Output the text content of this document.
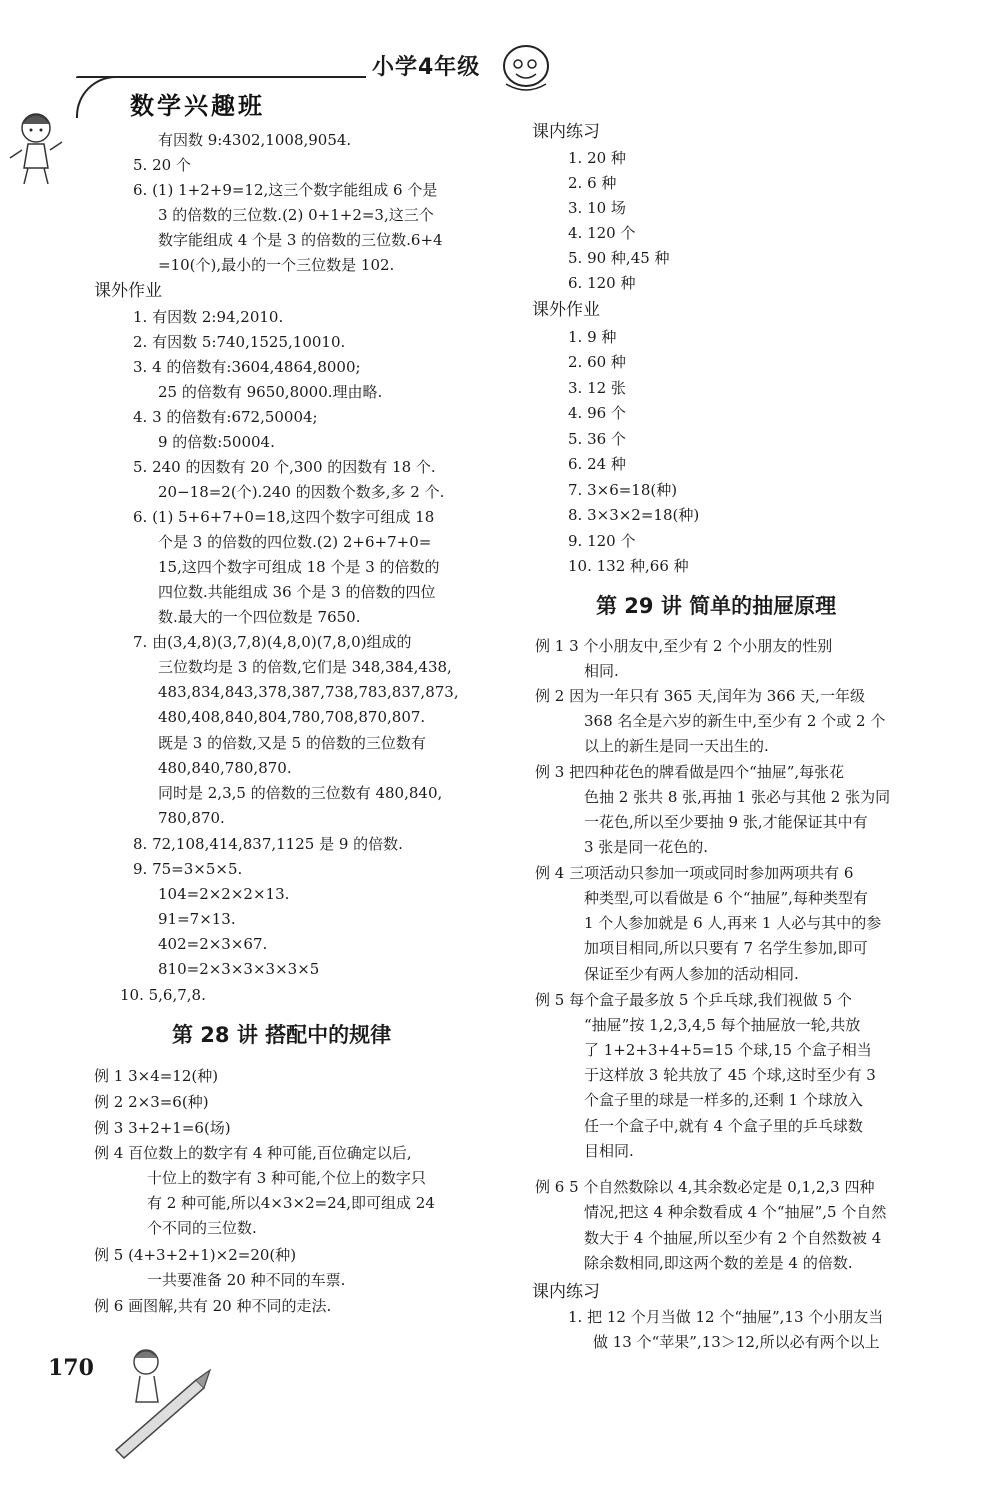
小学4年级
数学兴趣班
有因数 9:4302,1008,9054.
5. 20 个
6. (1) 1+2+9=12,这三个数字能组成 6 个是
3 的倍数的三位数.(2) 0+1+2=3,这三个
数字能组成 4 个是 3 的倍数的三位数.6+4
=10(个),最小的一个三位数是 102.
课外作业
1. 有因数 2:94,2010.
2. 有因数 5:740,1525,10010.
3. 4 的倍数有:3604,4864,8000;
25 的倍数有 9650,8000.理由略.
4. 3 的倍数有:672,50004;
9 的倍数:50004.
5. 240 的因数有 20 个,300 的因数有 18 个.
20−18=2(个).240 的因数个数多,多 2 个.
6. (1) 5+6+7+0=18,这四个数字可组成 18
个是 3 的倍数的四位数.(2) 2+6+7+0=
15,这四个数字可组成 18 个是 3 的倍数的
四位数.共能组成 36 个是 3 的倍数的四位
数.最大的一个四位数是 7650.
7. 由(3,4,8)(3,7,8)(4,8,0)(7,8,0)组成的
三位数均是 3 的倍数,它们是 348,384,438,
483,834,843,378,387,738,783,837,873,
480,408,840,804,780,708,870,807.
既是 3 的倍数,又是 5 的倍数的三位数有
480,840,780,870.
同时是 2,3,5 的倍数的三位数有 480,840,
780,870.
8. 72,108,414,837,1125 是 9 的倍数.
9. 75=3×5×5.
104=2×2×2×13.
91=7×13.
402=2×3×67.
810=2×3×3×3×3×5
10. 5,6,7,8.
第 28 讲 搭配中的规律
例 1 3×4=12(种)
例 2 2×3=6(种)
例 3 3+2+1=6(场)
例 4 百位数上的数字有 4 种可能,百位确定以后,
十位上的数字有 3 种可能,个位上的数字只
有 2 种可能,所以4×3×2=24,即可组成 24
个不同的三位数.
例 5 (4+3+2+1)×2=20(种)
一共要准备 20 种不同的车票.
例 6 画图解,共有 20 种不同的走法.
课内练习
1. 20 种
2. 6 种
3. 10 场
4. 120 个
5. 90 种,45 种
6. 120 种
课外作业
1. 9 种
2. 60 种
3. 12 张
4. 96 个
5. 36 个
6. 24 种
7. 3×6=18(种)
8. 3×3×2=18(种)
9. 120 个
10. 132 种,66 种
第 29 讲 简单的抽屉原理
例 1 3 个小朋友中,至少有 2 个小朋友的性别
相同.
例 2 因为一年只有 365 天,闰年为 366 天,一年级
368 名全是六岁的新生中,至少有 2 个或 2 个
以上的新生是同一天出生的.
例 3 把四种花色的牌看做是四个“抽屉”,每张花
色抽 2 张共 8 张,再抽 1 张必与其他 2 张为同
一花色,所以至少要抽 9 张,才能保证其中有
3 张是同一花色的.
例 4 三项活动只参加一项或同时参加两项共有 6
种类型,可以看做是 6 个“抽屉”,每种类型有
1 个人参加就是 6 人,再来 1 人必与其中的参
加项目相同,所以只要有 7 名学生参加,即可
保证至少有两人参加的活动相同.
例 5 每个盒子最多放 5 个乒乓球,我们视做 5 个
“抽屉”按 1,2,3,4,5 每个抽屉放一轮,共放
了 1+2+3+4+5=15 个球,15 个盒子相当
于这样放 3 轮共放了 45 个球,这时至少有 3
个盒子里的球是一样多的,还剩 1 个球放入
任一个盒子中,就有 4 个盒子里的乒乓球数
目相同.
例 6 5 个自然数除以 4,其余数必定是 0,1,2,3 四种
情况,把这 4 种余数看成 4 个“抽屉”,5 个自然
数大于 4 个抽屉,所以至少有 2 个自然数被 4
除余数相同,即这两个数的差是 4 的倍数.
课内练习
1. 把 12 个月当做 12 个“抽屉”,13 个小朋友当
做 13 个“苹果”,13＞12,所以必有两个以上
170
